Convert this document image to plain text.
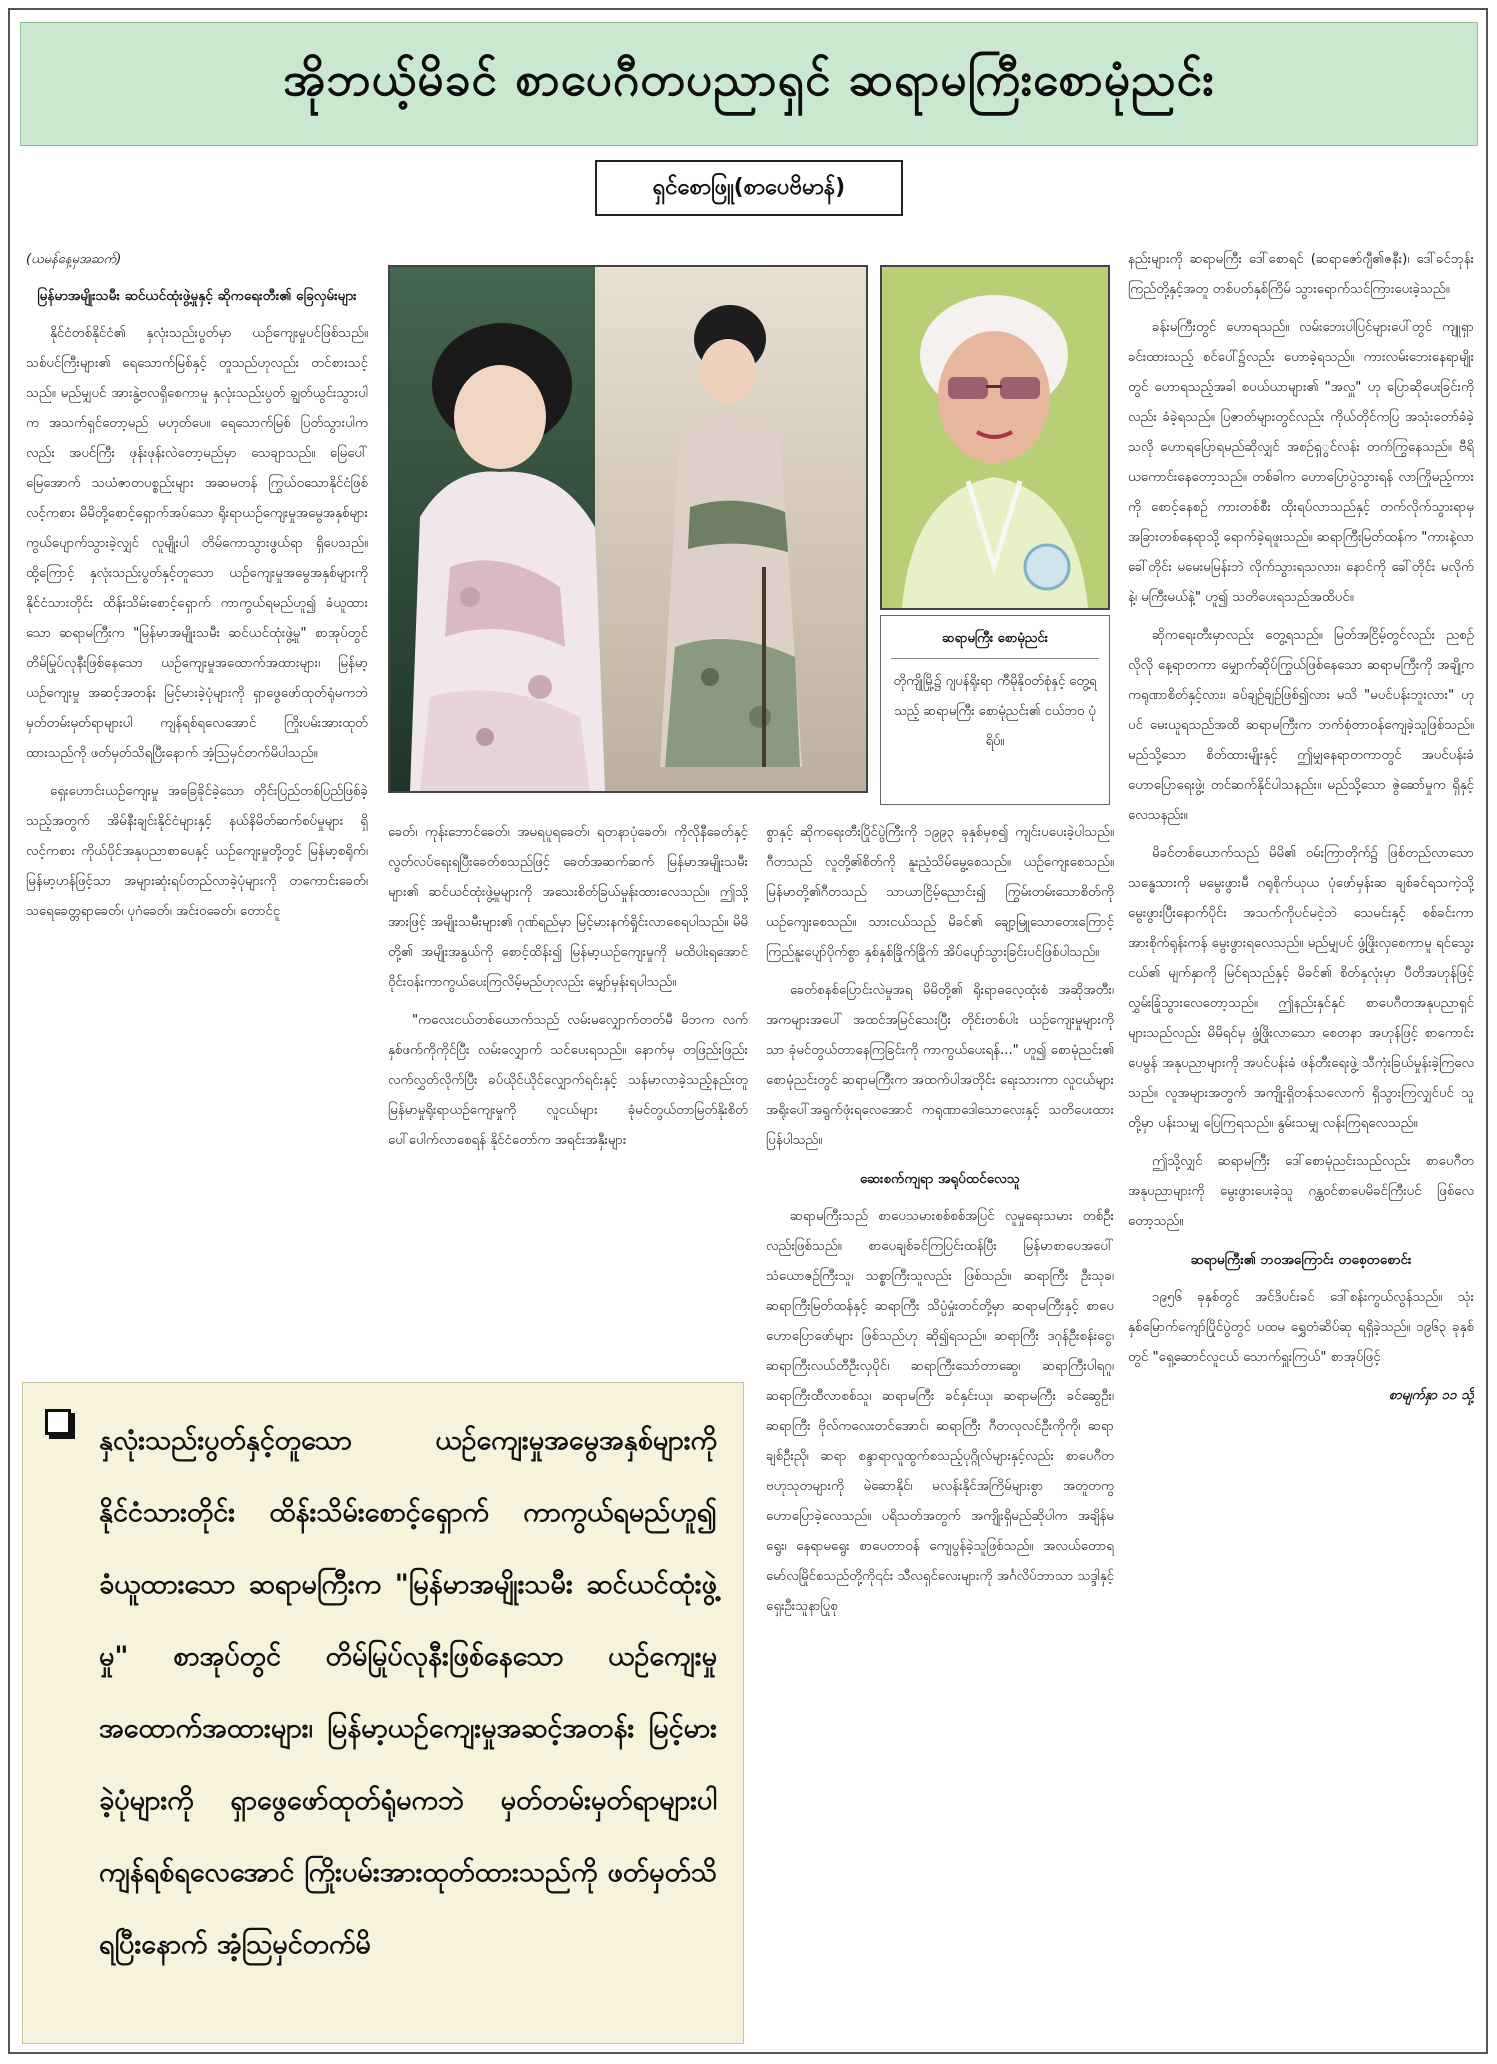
အိုဘယ့်မိခင် စာပေဂီတပညာရှင် ဆရာမကြီးစောမုံညင်း
ရှင်စောဖြူ(စာပေဗိမာန်)

(ယမန်နေ့မှအဆက်)

မြန်မာအမျိုးသမီး ဆင်ယင်ထုံးဖွဲ့မှုနှင့် ဆိုကရေးတီး၏ ခြေလှမ်းများ

နိုင်ငံတစ်နိုင်ငံ၏ နှလုံးသည်းပွတ်မှာ ယဉ်ကျေးမှုပင်ဖြစ်သည်။ သစ်ပင်ကြီးများ၏ ရေသောက်မြစ်နှင့် တူသည်ဟုလည်း တင်စားသင့်သည်။ မည်မျှပင် အားနွဲ့ဗလရှိစေကာမူ နှလုံးသည်းပွတ် ချွတ်ယွင်းသွားပါက အသက်ရှင်တော့မည် မဟုတ်ပေ။ ရေသောက်မြစ် ပြတ်သွားပါကလည်း အပင်ကြီး ဖုန်းဖုန်းလဲတော့မည်မှာ သေချာသည်။ မြေပေါ်မြေအောက် သယံဇာတပစ္စည်းများ အဆမတန် ကြွယ်ဝသောနိုင်ငံဖြစ်လင့်ကစား မိမိတို့စောင့်ရှောက်အပ်သော ရိုးရာယဉ်ကျေးမှုအမွေအနှစ်များ ကွယ်ပျောက်သွားခဲ့လျှင် လူမျိုးပါ တိမ်ကောသွားဖွယ်ရာ ရှိပေသည်။ ထို့ကြောင့် နှလုံးသည်းပွတ်နှင့်တူသော ယဉ်ကျေးမှုအမွေအနှစ်များကို နိုင်ငံသားတိုင်း ထိန်းသိမ်းစောင့်ရှောက် ကာကွယ်ရမည်ဟူ၍ ခံယူထားသော ဆရာမကြီးက "မြန်မာအမျိုးသမီး ဆင်ယင်ထုံးဖွဲ့မှု" စာအုပ်တွင် တိမ်မြုပ်လုနီးဖြစ်နေသော ယဉ်ကျေးမှုအထောက်အထားများ၊ မြန်မာ့ယဉ်ကျေးမှု အဆင့်အတန်း မြင့်မားခဲ့ပုံများကို ရှာဖွေဖော်ထုတ်ရုံမကဘဲ မှတ်တမ်းမှတ်ရာများပါ ကျန်ရစ်ရလေအောင် ကြိုးပမ်းအားထုတ်ထားသည်ကို ဖတ်မှတ်သိရပြီးနောက် အံ့သြမှင်တက်မိပါသည်။

ရှေးဟောင်းယဉ်ကျေးမှု အခြေခိုင်ခဲ့သော တိုင်းပြည်တစ်ပြည်ဖြစ်ခဲ့သည့်အတွက် အိမ်နီးချင်းနိုင်ငံများနှင့် နယ်နိမိတ်ဆက်စပ်မှုများ ရှိလင့်ကစား ကိုယ်ပိုင်အနုပညာစာပေနှင့် ယဉ်ကျေးမှုတို့တွင် မြန်မာ့စရိုက်၊ မြန်မာ့ဟန်ဖြင့်သာ အများဆုံးရပ်တည်လာခဲ့ပုံများကို တကောင်းခေတ်၊ သရေခေတ္တရာခေတ်၊ ပုဂံခေတ်၊ အင်းဝခေတ်၊ တောင်ငူ

ဆရာမကြီး စောမုံညင်း
တိုကျိုမြို့၌ ဂျပန်ရိုးရာ ကီမိုနိုဝတ်စုံနှင့် တွေ့ရသည့် ဆရာမကြီး စောမုံညင်း၏ ငယ်ဘဝ ပုံရိပ်။

ခေတ်၊ ကုန်းဘောင်ခေတ်၊ အမရပူရခေတ်၊ ရတနာပုံခေတ်၊ ကိုလိုနီခေတ်နှင့် လွတ်လပ်ရေးရပြီးခေတ်စသည်ဖြင့် ခေတ်အဆက်ဆက် မြန်မာအမျိုးသမီးများ၏ ဆင်ယင်ထုံးဖွဲ့မှုများကို အသေးစိတ်ခြယ်မှုန်းထားလေသည်။ ဤသို့အားဖြင့် အမျိုးသမီးများ၏ ဂုဏ်ရည်မှာ မြင့်မားနက်ရှိုင်းလာစေရပါသည်။ မိမိတို့၏ အမျိုးအနွယ်ကို စောင့်ထိန်း၍ မြန်မာ့ယဉ်ကျေးမှုကို မထိပါးရအောင် ဝိုင်းဝန်းကာကွယ်ပေးကြလိမ့်မည်ဟုလည်း မျှော်မှန်းရပါသည်။

"ကလေးငယ်တစ်ယောက်သည် လမ်းမလျှောက်တတ်မီ မိဘက လက်နှစ်ဖက်ကိုကိုင်ပြီး လမ်းလျှောက် သင်ပေးရသည်။ နောက်မှ တဖြည်းဖြည်း လက်လွှတ်လိုက်ပြီး ခပ်ယိုင်ယိုင်လျှောက်ရင်းနှင့် သန်မာလာခဲ့သည့်နည်းတူ မြန်မာမှုရိုးရာယဉ်ကျေးမှုကို လူငယ်များ ခုံမင်တွယ်တာမြတ်နိုးစိတ် ပေါ်ပေါက်လာစေရန် နိုင်ငံတော်က အရင်းအနှီးများ

စွာနှင့် ဆိုကရေးတီးပြိုင်ပွဲကြီးကို ၁၉၉၃ ခုနှစ်မှစ၍ ကျင်းပပေးခဲ့ပါသည်။ ဂီတသည် လူတို့၏စိတ်ကို နူးညံ့သိမ်မွေ့စေသည်။ ယဉ်ကျေးစေသည်။ မြန်မာတို့၏ဂီတသည် သာယာငြိမ့်ညောင်း၍ ကြွမ်းတမ်းသောစိတ်ကို ယဉ်ကျေးစေသည်။ သားငယ်သည် မိခင်၏ ချော့မြူသောတေးကြောင့် ကြည်နူးပျော်ပိုက်စွာ နှစ်နှစ်ခြိုက်ခြိုက် အိပ်ပျော်သွားခြင်းပင်ဖြစ်ပါသည်။

ခေတ်စနစ်ပြောင်းလဲမှုအရ မိမိတို့၏ ရိုးရာဓလေ့ထုံးစံ အဆိုအတီး၊ အကများအပေါ် အထင်အမြင်သေးပြီး တိုင်းတစ်ပါး ယဉ်ကျေးမှုများကိုသာ ခုံမင်တွယ်တာနေကြခြင်းကို ကာကွယ်ပေးရန်..." ဟူ၍ စောမုံညင်း၏ စောမုံညင်းတွင် ဆရာမကြီးက အထက်ပါအတိုင်း ရေးသားကာ လူငယ်များ အရိုးပေါ်အရွက်ဖုံးရလေအောင် ကရုဏာဒေါသောလေးနှင့် သတိပေးထားပြန်ပါသည်။

ဆေးစက်ကျရာ အရုပ်ထင်လေသူ

ဆရာမကြီးသည် စာပေသမားစစ်စစ်အပြင် လူမှုရေးသမား တစ်ဦးလည်းဖြစ်သည်။ စာပေချစ်ခင်ကြပြင်းထန်ပြီး မြန်မာစာပေအပေါ် သံယောဇဉ်ကြီးသူ၊ သစ္စာကြီးသူလည်း ဖြစ်သည်။ ဆရာကြီး ဦးသုခ၊ ဆရာကြီးမြတ်ထန်နှင့် ဆရာကြီး သိပ္ပံမှုံးတင်တို့မှာ ဆရာမကြီးနှင့် စာပေဟောပြောဖော်များ ဖြစ်သည်ဟု ဆို၍ရသည်။ ဆရာကြီး ဒဂုန်ဦးစန်းငွေ၊ ဆရာကြီးလယ်တီဦးလှပိုင်၊ ဆရာကြီးသော်တာဆွေ၊ ဆရာကြီးပါရဂူ၊ ဆရာကြီးထီလာစစ်သူ၊ ဆရာမကြီး ခင်နှင်းယု၊ ဆရာမကြီး ခင်ဆွေဦး၊ ဆရာကြီး ဗိုလ်ကလေးတင်အောင်၊ ဆရာကြီး ဂီတလုလင်ဦးကိုကို၊ ဆရာချစ်ဦးညို၊ ဆရာ စန္ဒာရာလူထွက်စသည့်ပုဂ္ဂိုလ်များနှင့်လည်း စာပေဂီတ ဗဟုသုတများကို မဲဆောနိုင်၊ မလန်းနိုင်အကြိမ်များစွာ အတူတကွ ဟောပြောခဲ့လေသည်။ ပရိသတ်အတွက် အကျိုးရှိမည်ဆိုပါက အချိန်မရွေး၊ နေရာမရွေး စာပေတာဝန် ကျေပွန်ခဲ့သူဖြစ်သည်။ အလယ်တောရ မော်လမြိုင်စသည်တို့ကို၎င်း သီလရှင်လေးများကို အင်္ဂလိပ်ဘာသာ သဒ္ဒါနှင့် ရှေးဦးသူနာပြုစု

နည်းများကို ဆရာမကြီး ဒေါ်စောရင် (ဆရာဇော်ဂျီ၏ဇနီး)၊ ဒေါ်ခင်ဘုန်းကြည်တို့နှင့်အတူ တစ်ပတ်နှစ်ကြိမ် သွားရောက်သင်ကြားပေးခဲ့သည်။

ခန်းမကြီးတွင် ဟောရသည်။ လမ်းဘေးပါပြင်များပေါ်တွင် ကျူရှာခင်းထားသည့် စင်ပေါ်၌လည်း ဟောခဲ့ရသည်။ ကားလမ်းဘေးနေရာမျိုးတွင် ဟောရသည့်အခါ စပယ်ယာများ၏ "အလှူ" ဟု ပြောဆိုပေးခြင်းကိုလည်း ခံခဲ့ရသည်။ ပြဇာတ်များတွင်လည်း ကိုယ်တိုင်ကပြ အသုံးတော်ခံခဲ့သလို ဟောရပြောရမည်ဆိုလျှင် အစဉ်ရှွင်လန်း တက်ကြွနေသည်။ ဗီရိယကောင်းနေတော့သည်။ တစ်ခါက ဟောပြောပွဲသွားရန် လာကြိုမည့်ကားကို စောင့်နေစဉ် ကားတစ်စီး ထိုးရပ်လာသည်နှင့် တက်လိုက်သွားရာမှ အခြားတစ်နေရာသို့ ရောက်ခဲ့ရဖူးသည်။ ဆရာကြီးမြတ်ထန်က "ကားနဲ့လာခေါ်တိုင်း မမေးမမြန်းဘဲ လိုက်သွားရသလား၊ နောင်ကို ခေါ်တိုင်း မလိုက်နဲ့၊ မကြီးမယ်နဲ့" ဟူ၍ သတိပေးရသည်အထိပင်။

ဆိုကရေးတီးမှာလည်း တွေ့ရသည်။ မြတ်အငြိမ့်တွင်လည်း ညစဉ်လိုလို နေ့ရာတကာ မျှောက်ဆိုပ်ကြွယ်ဖြစ်နေသော ဆရာမကြီးကို အချို့က ကရုဏာစိတ်နှင့်လား၊ ခပ်ချဉ်ချဉ်ဖြစ်၍လား မသိ "မပင်ပန်းဘူးလား" ဟုပင် မေးယူရသည်အထိ ဆရာမကြီးက ဘက်စုံတာဝန်ကျေခဲ့သူဖြစ်သည်။ မည်သို့သော စိတ်ထားမျိုးနှင့် ဤမျှနေရာတကာတွင် အပင်ပန်းခံ ဟောပြောရေးဖွဲ့၊ တင်ဆက်နိုင်ပါသနည်း။ မည်သို့သော ဇွဲဆော်မှုက ရှိနှင့်လေသနည်း။

မိခင်တစ်ယောက်သည် မိမိ၏ ဝမ်းကြာတိုက်၌ ဖြစ်တည်လာသော သန္ဓေသားကို မမွေးဖွားမီ ဂရုစိုက်ယုယ ပုံဖော်မှန်းဆ ချစ်ခင်ရသကဲ့သို့ မွေးဖွားပြီးနောက်ပိုင်း အသက်ကိုပင်မငဲ့ဘဲ သေမင်းနှင့် စစ်ခင်းကာ အားစိုက်ရုန်းကန် မွေးဖွားရလေသည်။ မည်မျှပင် ဖွံ့ဖြိုးလှစေကာမူ ရင်သွေးငယ်၏ မျက်နှာကို မြင်ရသည်နှင့် မိခင်၏ စိတ်နှလုံးမှာ ပီတိအဟုန်ဖြင့် လွှမ်းခြုံသွားလေတော့သည်။ ဤနည်းနှင်နှင် စာပေဂီတအနုပညာရှင်များသည်လည်း မိမိရင်မှ ဖွံ့ဖြိုးလာသော စေတနာ အဟုန်ဖြင့် စာကောင်းပေမွန် အနုပညာများကို အပင်ပန်းခံ ဖန်တီးရေးဖွဲ့ သီကုံးခြယ်မှုန်းခဲ့ကြလေသည်။ လူအများအတွက် အကျိုးရှိတန်သလောက် ရှိသွားကြလျှင်ပင် သူတို့မှာ ပန်းသမျှ ပြေကြရသည်။ နွမ်းသမျှ လန်းကြရလေသည်။

ဤသို့လျှင် ဆရာမကြီး ဒေါ်စောမုံညင်းသည်လည်း စာပေဂီတအနုပညာများကို မွေးဖွားပေးခဲ့သူ ဂန္ထဝင်စာပေမိခင်ကြီးပင် ဖြစ်လေတော့သည်။

ဆရာမကြီး၏ ဘဝအကြောင်း တစေ့တစောင်း

၁၉၅၆ ခုနှစ်တွင် အင်ဒိပင်းခင် ဒေါ်စန်းကွယ်လွန်သည်။ သုံးနှစ်မြောက်ကျော်ပြိုင်ပွဲတွင် ပထမ ရွှေတံဆိပ်ဆု ရရှိခဲ့သည်။ ၁၉၆၃ ခုနှစ်တွင် "ရှေ့ဆောင်လူငယ် သောက်ရှူးကြယ်" စာအုပ်ဖြင့်

စာမျက်နှာ ၁၁ သို့

နှလုံးသည်းပွတ်နှင့်တူသော ယဉ်ကျေးမှုအမွေအနှစ်များကို နိုင်ငံသားတိုင်း ထိန်းသိမ်းစောင့်ရှောက် ကာကွယ်ရမည်ဟူ၍ ခံယူထားသော ဆရာမကြီးက "မြန်မာအမျိုးသမီး ဆင်ယင်ထုံးဖွဲ့မှု" စာအုပ်တွင် တိမ်မြုပ်လုနီးဖြစ်နေသော ယဉ်ကျေးမှုအထောက်အထားများ၊ မြန်မာ့ယဉ်ကျေးမှုအဆင့်အတန်း မြင့်မားခဲ့ပုံများကို ရှာဖွေဖော်ထုတ်ရုံမကဘဲ မှတ်တမ်းမှတ်ရာများပါ ကျန်ရစ်ရလေအောင် ကြိုးပမ်းအားထုတ်ထားသည်ကို ဖတ်မှတ်သိရပြီးနောက် အံ့သြမှင်တက်မိ
